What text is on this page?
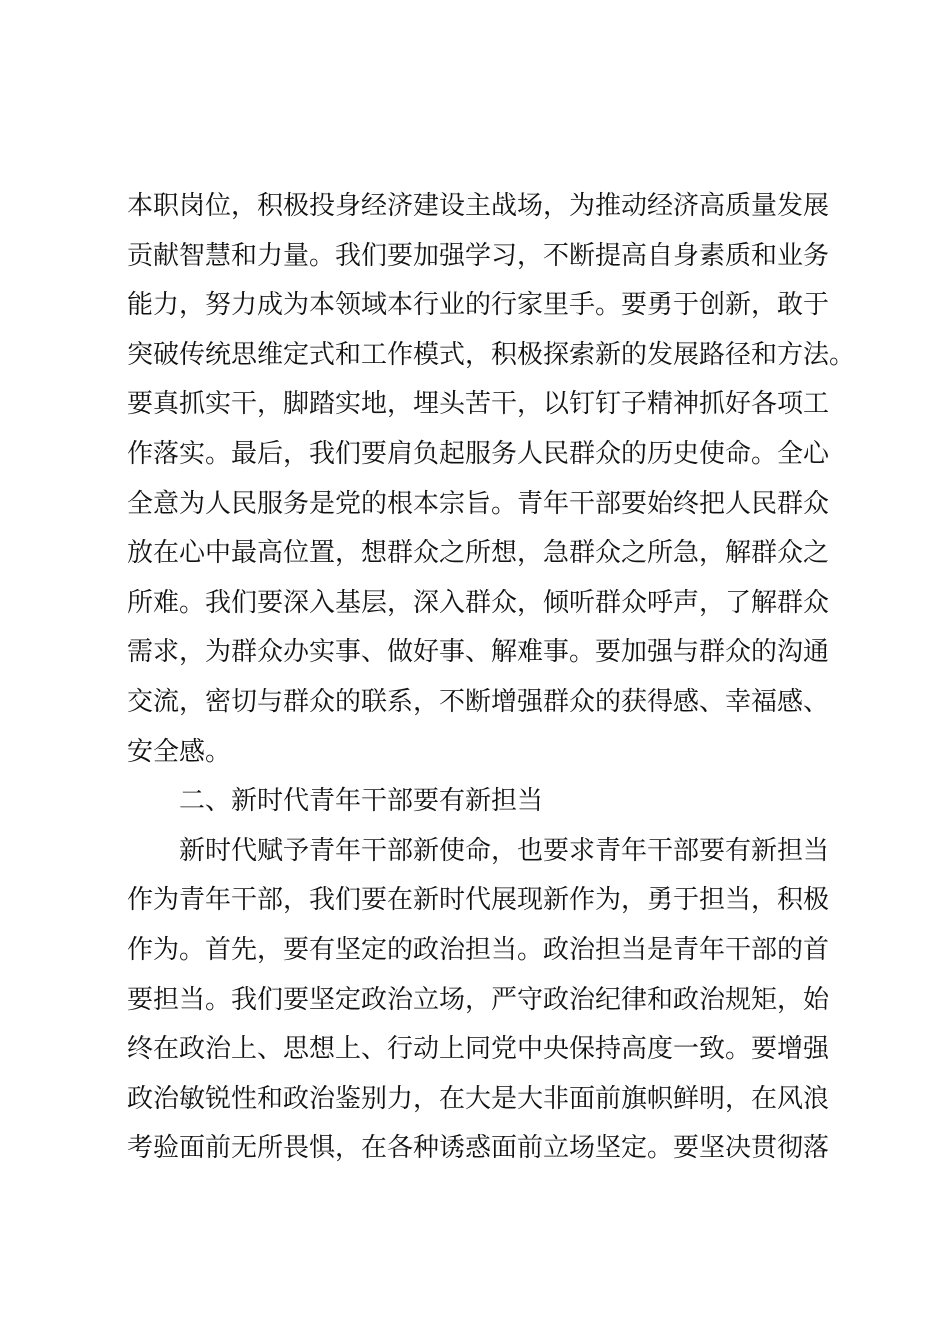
本职岗位，积极投身经济建设主战场，为推动经济高质量发展
贡献智慧和力量。我们要加强学习，不断提高自身素质和业务
能力，努力成为本领域本行业的行家里手。要勇于创新，敢于
突破传统思维定式和工作模式，积极探索新的发展路径和方法。
要真抓实干，脚踏实地，埋头苦干，以钉钉子精神抓好各项工
作落实。最后，我们要肩负起服务人民群众的历史使命。全心
全意为人民服务是党的根本宗旨。青年干部要始终把人民群众
放在心中最高位置，想群众之所想，急群众之所急，解群众之
所难。我们要深入基层，深入群众，倾听群众呼声，了解群众
需求，为群众办实事、做好事、解难事。要加强与群众的沟通
交流，密切与群众的联系，不断增强群众的获得感、幸福感、
安全感。
二、新时代青年干部要有新担当
新时代赋予青年干部新使命，也要求青年干部要有新担当
作为青年干部，我们要在新时代展现新作为，勇于担当，积极
作为。首先，要有坚定的政治担当。政治担当是青年干部的首
要担当。我们要坚定政治立场，严守政治纪律和政治规矩，始
终在政治上、思想上、行动上同党中央保持高度一致。要增强
政治敏锐性和政治鉴别力，在大是大非面前旗帜鲜明，在风浪
考验面前无所畏惧，在各种诱惑面前立场坚定。要坚决贯彻落
